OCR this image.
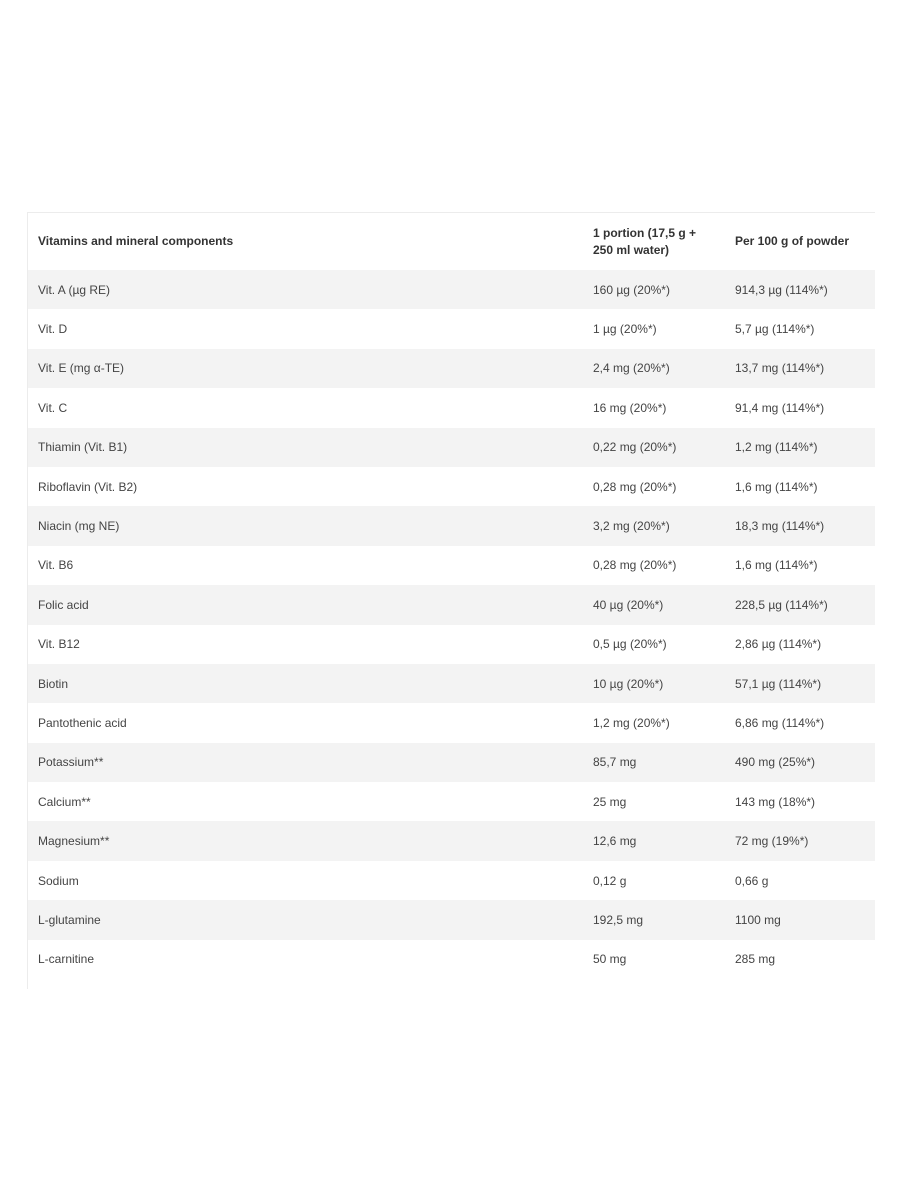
Vitamins and mineral components	1 portion (17,5 g + 250 ml water)	Per 100 g of powder
Vit. A (µg RE)	160 µg (20%*)	914,3 µg (114%*)
Vit. D	1 µg (20%*)	5,7 µg (114%*)
Vit. E (mg α-TE)	2,4 mg (20%*)	13,7 mg (114%*)
Vit. C	16 mg (20%*)	91,4 mg (114%*)
Thiamin (Vit. B1)	0,22 mg (20%*)	1,2 mg (114%*)
Riboflavin (Vit. B2)	0,28 mg (20%*)	1,6 mg (114%*)
Niacin (mg NE)	3,2 mg (20%*)	18,3 mg (114%*)
Vit. B6	0,28 mg (20%*)	1,6 mg (114%*)
Folic acid	40 µg (20%*)	228,5 µg (114%*)
Vit. B12	0,5 µg (20%*)	2,86 µg (114%*)
Biotin	10 µg (20%*)	57,1 µg (114%*)
Pantothenic acid	1,2 mg (20%*)	6,86 mg (114%*)
Potassium**	85,7 mg	490 mg (25%*)
Calcium**	25 mg	143 mg (18%*)
Magnesium**	12,6 mg	72 mg (19%*)
Sodium	0,12 g	0,66 g
L-glutamine	192,5 mg	1100 mg
L-carnitine	50 mg	285 mg
